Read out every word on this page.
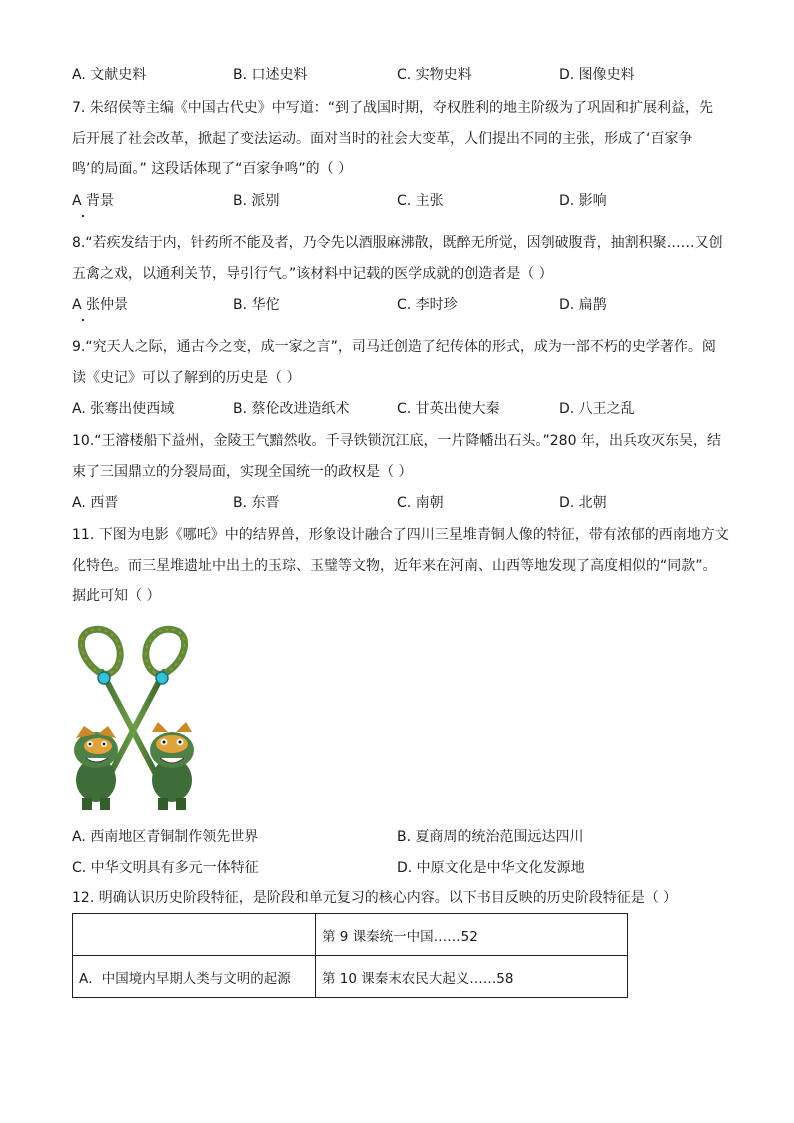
A. 文献史料	B. 口述史料	C. 实物史料	D. 图像史料
7. 朱绍侯等主编《中国古代史》中写道：“到了战国时期，夺权胜利的地主阶级为了巩固和扩展利益，先
后开展了社会改革，掀起了变法运动。面对当时的社会大变革，人们提出不同的主张，形成了‘百家争
鸣’的局面。” 这段话体现了“百家争鸣”的（ ）
A 背景	B. 派别	C. 主张	D. 影响
8.“若疾发结于内，针药所不能及者，乃令先以酒服麻沸散，既醉无所觉，因刳破腹背，抽割积聚……又创
五禽之戏，以通利关节，导引行气。”该材料中记载的医学成就的创造者是（ ）
A 张仲景	B. 华佗	C. 李时珍	D. 扁鹊
9.“究天人之际，通古今之变，成一家之言”，司马迁创造了纪传体的形式，成为一部不朽的史学著作。阅
读《史记》可以了解到的历史是（ ）
A. 张骞出使西域	B. 蔡伦改进造纸术	C. 甘英出使大秦	D. 八王之乱
10.“王濬楼船下益州，金陵王气黯然收。千寻铁锁沉江底，一片降幡出石头。”280 年，出兵攻灭东吴，结
束了三国鼎立的分裂局面，实现全国统一的政权是（ ）
A. 西晋	B. 东晋	C. 南朝	D. 北朝
11. 下图为电影《哪吒》中的结界兽，形象设计融合了四川三星堆青铜人像的特征，带有浓郁的西南地方文
化特色。而三星堆遗址中出土的玉琮、玉璧等文物，近年来在河南、山西等地发现了高度相似的“同款”。
据此可知（ ）
A. 西南地区青铜制作领先世界	B. 夏商周的统治范围远达四川
C. 中华文明具有多元一体特征	D. 中原文化是中华文化发源地
12. 明确认识历史阶段特征，是阶段和单元复习的核心内容。以下书目反映的历史阶段特征是（ ）
	第 9 课秦统一中国……52
A．中国境内早期人类与文明的起源	第 10 课秦末农民大起义……58
